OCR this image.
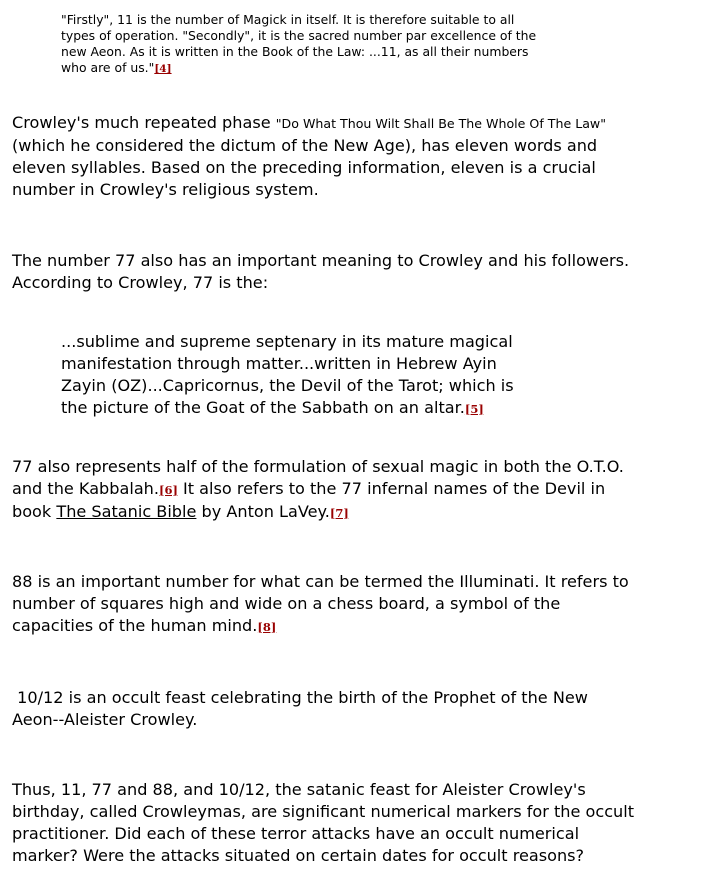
"Firstly", 11 is the number of Magick in itself. It is therefore suitable to all
types of operation. "Secondly", it is the sacred number par excellence of the
new Aeon. As it is written in the Book of the Law: ...11, as all their numbers
who are of us."[4]
Crowley's much repeated phase "Do What Thou Wilt Shall Be The Whole Of The Law"
(which he considered the dictum of the New Age), has eleven words and
eleven syllables. Based on the preceding information, eleven is a crucial
number in Crowley's religious system.
The number 77 also has an important meaning to Crowley and his followers.
According to Crowley, 77 is the:
...sublime and supreme septenary in its mature magical
manifestation through matter...written in Hebrew Ayin
Zayin (OZ)...Capricornus, the Devil of the Tarot; which is
the picture of the Goat of the Sabbath on an altar.[5]
77 also represents half of the formulation of sexual magic in both the O.T.O.
and the Kabbalah.[6] It also refers to the 77 infernal names of the Devil in
book The Satanic Bible by Anton LaVey.[7]
88 is an important number for what can be termed the Illuminati. It refers to
number of squares high and wide on a chess board, a symbol of the
capacities of the human mind.[8]
10/12 is an occult feast celebrating the birth of the Prophet of the New
Aeon--Aleister Crowley.
Thus, 11, 77 and 88, and 10/12, the satanic feast for Aleister Crowley's
birthday, called Crowleymas, are significant numerical markers for the occult
practitioner. Did each of these terror attacks have an occult numerical
marker? Were the attacks situated on certain dates for occult reasons?
